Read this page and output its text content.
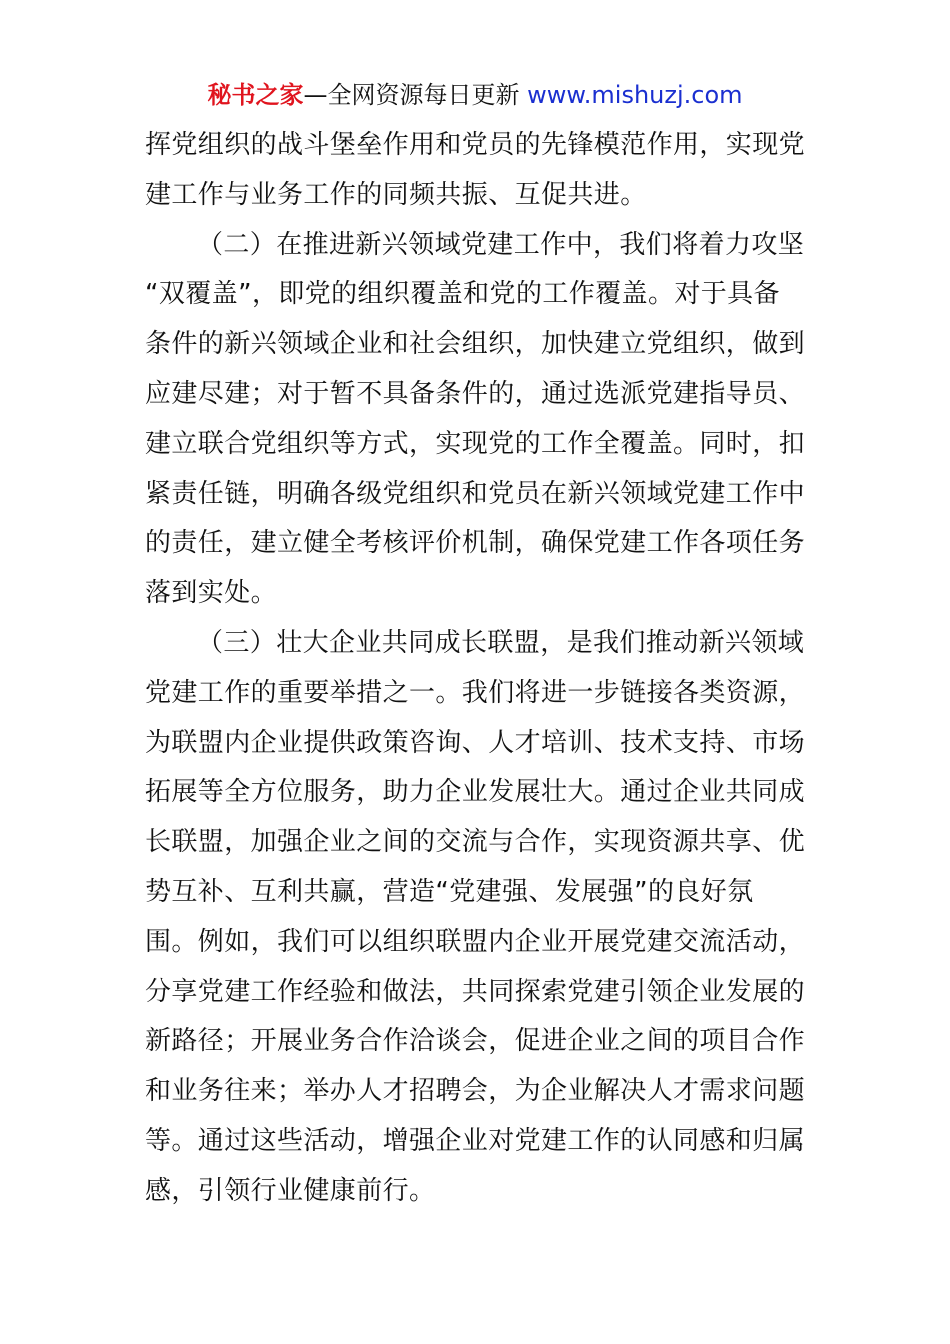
秘书之家—全网资源每日更新 www.mishuzj.com
挥党组织的战斗堡垒作用和党员的先锋模范作用，实现党
建工作与业务工作的同频共振、互促共进。
（二）在推进新兴领域党建工作中，我们将着力攻坚
“双覆盖”，即党的组织覆盖和党的工作覆盖。对于具备
条件的新兴领域企业和社会组织，加快建立党组织，做到
应建尽建；对于暂不具备条件的，通过选派党建指导员、
建立联合党组织等方式，实现党的工作全覆盖。同时，扣
紧责任链，明确各级党组织和党员在新兴领域党建工作中
的责任，建立健全考核评价机制，确保党建工作各项任务
落到实处。
（三）壮大企业共同成长联盟，是我们推动新兴领域
党建工作的重要举措之一。我们将进一步链接各类资源，
为联盟内企业提供政策咨询、人才培训、技术支持、市场
拓展等全方位服务，助力企业发展壮大。通过企业共同成
长联盟，加强企业之间的交流与合作，实现资源共享、优
势互补、互利共赢，营造“党建强、发展强”的良好氛
围。例如，我们可以组织联盟内企业开展党建交流活动，
分享党建工作经验和做法，共同探索党建引领企业发展的
新路径；开展业务合作洽谈会，促进企业之间的项目合作
和业务往来；举办人才招聘会，为企业解决人才需求问题
等。通过这些活动，增强企业对党建工作的认同感和归属
感，引领行业健康前行。
